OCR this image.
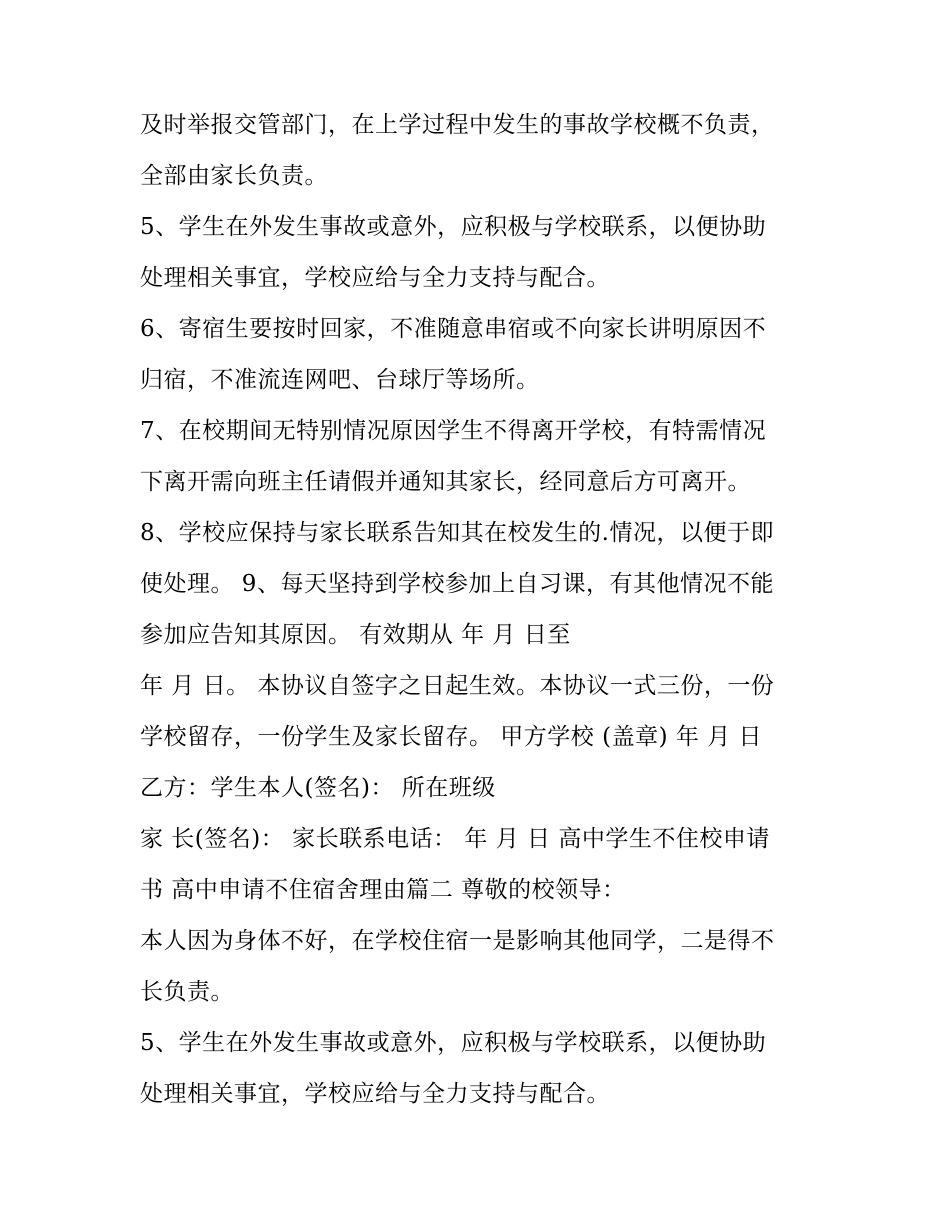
及时举报交管部门，在上学过程中发生的事故学校概不负责，
全部由家长负责。
5、学生在外发生事故或意外，应积极与学校联系，以便协助
处理相关事宜，学校应给与全力支持与配合。
6、寄宿生要按时回家，不准随意串宿或不向家长讲明原因不
归宿，不准流连网吧、台球厅等场所。
7、在校期间无特别情况原因学生不得离开学校，有特需情况
下离开需向班主任请假并通知其家长，经同意后方可离开。
8、学校应保持与家长联系告知其在校发生的.情况，以便于即
使处理。 9、每天坚持到学校参加上自习课，有其他情况不能
参加应告知其原因。 有效期从 年 月 日至
年 月 日。 本协议自签字之日起生效。本协议一式三份，一份
学校留存，一份学生及家长留存。 甲方学校 (盖章) 年 月 日
乙方：学生本人(签名)： 所在班级
家 长(签名)： 家长联系电话： 年 月 日 高中学生不住校申请
书 高中申请不住宿舍理由篇二 尊敬的校领导：
本人因为身体不好，在学校住宿一是影响其他同学，二是得不
长负责。
5、学生在外发生事故或意外，应积极与学校联系，以便协助
处理相关事宜，学校应给与全力支持与配合。
